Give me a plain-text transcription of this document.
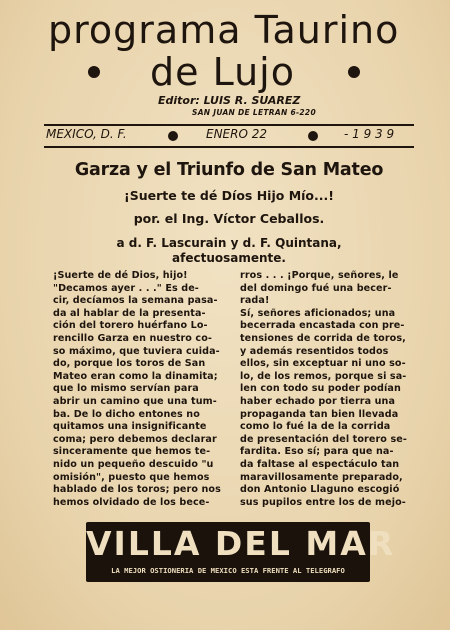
programa Taurino
de Lujo
Editor: LUIS R. SUAREZ
SAN JUAN DE LETRAN 6-220
MEXICO, D. F.	ENERO 22	- 1 9 3 9
Garza y el Triunfo de San Mateo
¡Suerte te dé Díos Hijo Mío...!
por. el Ing. Víctor Ceballos.
a d. F. Lascurain y d. F. Quintana,
afectuosamente.
¡Suerte de dé Dios, hijo!
"Decamos ayer . . ." Es de-
cir, decíamos la semana pasa-
da al hablar de la presenta-
ción del torero huérfano Lo-
rencillo Garza en nuestro co-
so máximo, que tuviera cuida-
do, porque los toros de San
Mateo eran como la dinamita;
que lo mismo servían para
abrir un camino que una tum-
ba. De lo dicho entones no
quitamos una insignificante
coma; pero debemos declarar
sinceramente que hemos te-
nido un pequeño descuido "u
omisión", puesto que hemos
hablado de los toros; pero nos
hemos olvidado de los bece-
rros . . . ¡Porque, señores, le
del domingo fué una becer-
rada!
Sí, señores aficionados; una
becerrada encastada con pre-
tensiones de corrida de toros,
y además resentidos todos
ellos, sin exceptuar ni uno so-
lo, de los remos, porque si sa-
len con todo su poder podían
haber echado por tierra una
propaganda tan bien llevada
como lo fué la de la corrida
de presentación del torero se-
fardita. Eso sí; para que na-
da faltase al espectáculo tan
maravillosamente preparado,
don Antonio Llaguno escogió
sus pupilos entre los de mejo-
VILLA DEL MAR
LA MEJOR OSTIONERIA DE MEXICO ESTA FRENTE AL TELEGRAFO
